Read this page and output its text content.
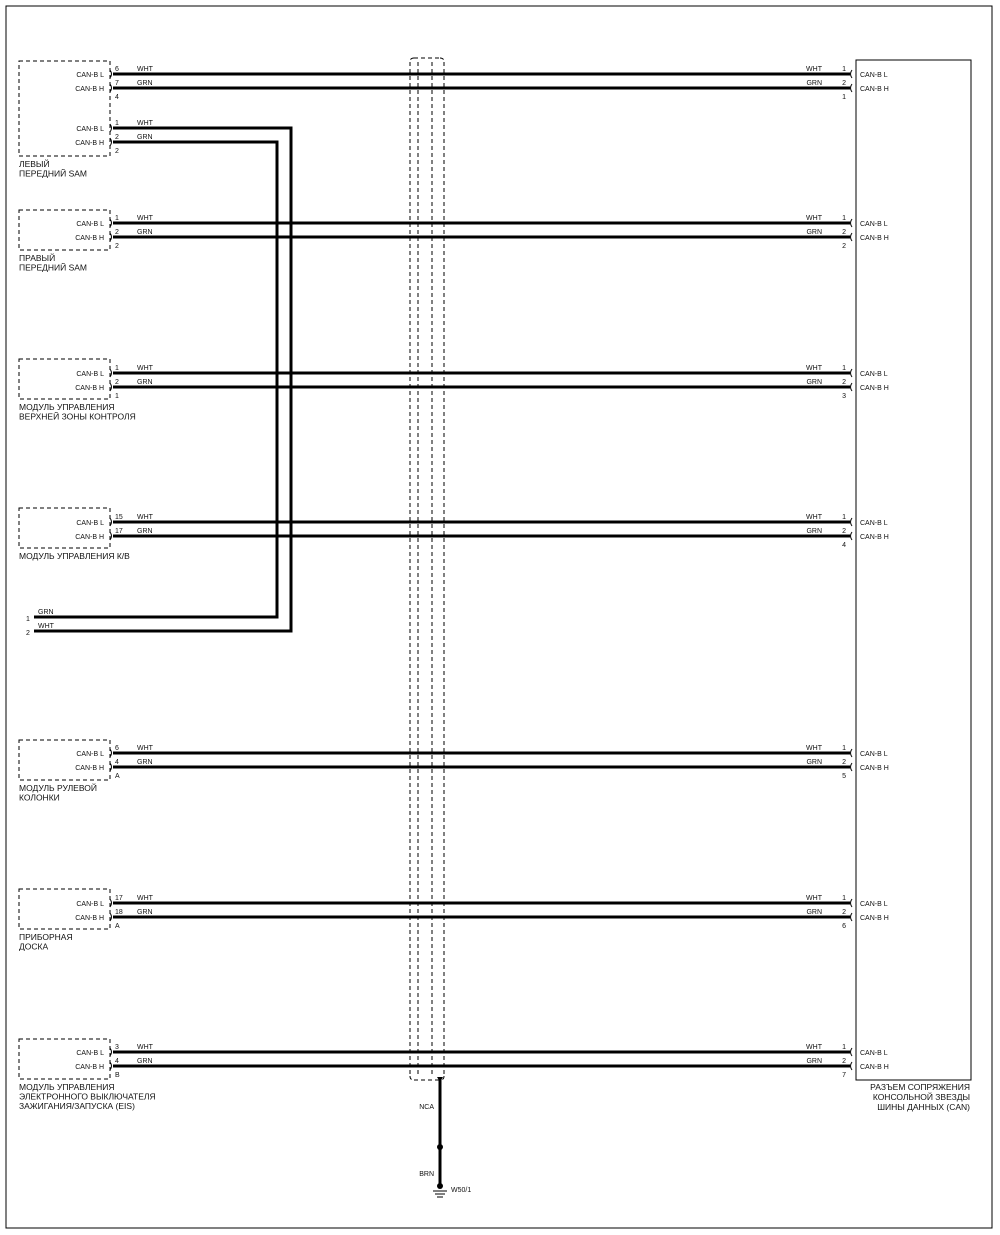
РАЗЪЕМ СОПРЯЖЕНИЯ
КОНСОЛЬНОЙ ЗВЕЗДЫ
ШИНЫ ДАННЫХ (CAN)
CAN-B L
CAN-B H
1
2
2
WHT
GRN
1
2
GRN
WHT
CAN-B L
CAN-B H
6
7
4
WHT
GRN
WHT
GRN
1
2
1
CAN-B L
CAN-B H
ЛЕВЫЙ
ПЕРЕДНИЙ SAM
CAN-B L
CAN-B H
1
2
2
WHT
GRN
WHT
GRN
1
2
2
CAN-B L
CAN-B H
ПРАВЫЙ
ПЕРЕДНИЙ SAM
CAN-B L
CAN-B H
1
2
1
WHT
GRN
WHT
GRN
1
2
3
CAN-B L
CAN-B H
МОДУЛЬ УПРАВЛЕНИЯ
ВЕРХНЕЙ ЗОНЫ КОНТРОЛЯ
CAN-B L
CAN-B H
15
17
WHT
GRN
WHT
GRN
1
2
4
CAN-B L
CAN-B H
МОДУЛЬ УПРАВЛЕНИЯ К/В
CAN-B L
CAN-B H
6
4
A
WHT
GRN
WHT
GRN
1
2
5
CAN-B L
CAN-B H
МОДУЛЬ РУЛЕВОЙ
КОЛОНКИ
CAN-B L
CAN-B H
17
18
A
WHT
GRN
WHT
GRN
1
2
6
CAN-B L
CAN-B H
ПРИБОРНАЯ
ДОСКА
CAN-B L
CAN-B H
3
4
B
WHT
GRN
WHT
GRN
1
2
7
CAN-B L
CAN-B H
МОДУЛЬ УПРАВЛЕНИЯ
ЭЛЕКТРОННОГО ВЫКЛЮЧАТЕЛЯ
ЗАЖИГАНИЯ/ЗАПУСКА (EIS)	NCA
BRN
W50/1
